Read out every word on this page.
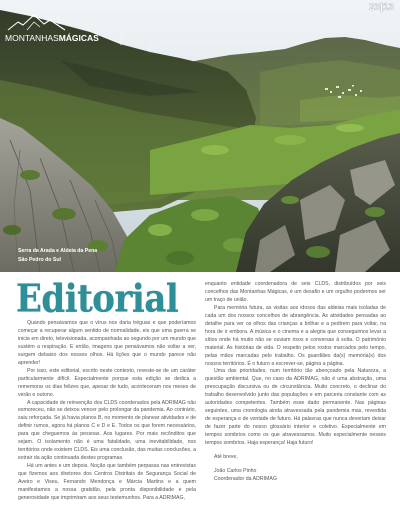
MONTANHASMÁGICAS
23|13
Serra da Arada e Aldeia da Pena
São Pedro do Sul
Editorial

Quando pensávamos que o vírus nos daria tréguas e que poderíamos começar a recuperar algum sentido de normalidade, eis que uma guerra se inicia em direto, televisionada, acompanhada ao segundo por um mundo que sustém a respiração. E então, imagens que pensávamos não voltar a ver, surgem debaixo dos nossos olhos. Há lições que o mundo parece não aprender!

Por isso, este editorial, escrito neste contexto, reveste-se de um caráter particularmente difícil. Especialmente porque esta edição se dedica a rememorar os dias felizes que, apesar de tudo, aconteceram nos meses de verão e outono.

A capacidade de reinvenção dos CLDS coordenados pela ADRIMAG não esmoreceu, não se deixou vencer pelo prolongar da pandemia. Ao contrário, saiu reforçada. Se já havia planos B, no momento de planear atividades e de definir rumos, agora há planos C e D e E. Todos os que forem necessários, para que cheguemos às pessoas. Aos lugares. Por mais recônditos que sejam. O isolamento não é uma fatalidade, uma inevitabilidade, nos territórios onde existem CLDS. Eis uma conclusão, das muitas conclusões, a extrair da ação continuada destes programas.

Há um antes e um depois. Noção que também perpassa nas entrevistas que fizemos aos diretores dos Centros Distritais de Segurança Social de Aveiro e Viseu, Fernando Mendonça e Márcia Martins e a quem manifestamos a nossa gratidão, pela pronta disponibilidade e pela generosidade que imprimiram aos seus testemunhos. Para a ADRIMAG,

enquanto entidade coordenadora de seis CLDS, distribuídos por seis concelhos das Montanhas Mágicas, é um desafio e um orgulho podermos ser um traço de união.

Para memória futura, as visitas aos idosos das aldeias mais isoladas de cada um dos nossos concelhos de abrangência. As atividades pensadas ao detalhe para ver os olhos das crianças a brilhar e a pedirem para voltar, na hora de ir embora. A música e o cinema e a alegria que conseguimos levar a sítios onde há muito não se ouviam risos e conversas à solta. O património material. As histórias de vida. O respeito pelos rostos marcados pelo tempo, pelas mãos marcadas pelo trabalho. Os guardiães da(s) memória(s) dos nossos territórios. É o futuro a escrever-se, página a página.

Uma das prioridades, num território tão abençoado pela Natureza, a questão ambiental. Que, no caso da ADRIMAG, não é uma abstração, uma preocupação discursiva ou de circunstância. Muito concreto, o declinar do trabalho desenvolvido junto das populações e em parceria constante com as autoridades competentes. Também esse dado permanente. Nas páginas seguintes, uma cronologia ainda atravessada pela pandemia mas, revestida de esperança e de vontade de futuro. Há palavras que nunca deveriam deixar de fazer parte do nosso glossário interior e coletivo. Especialmente em tempos sombrios como os que atravessamos. Muito especialmente nesses tempos sombrios. Haja esperança! Haja futuro!

Até breve,

João Carlos Pinho

Coordenador da ADRIMAG
